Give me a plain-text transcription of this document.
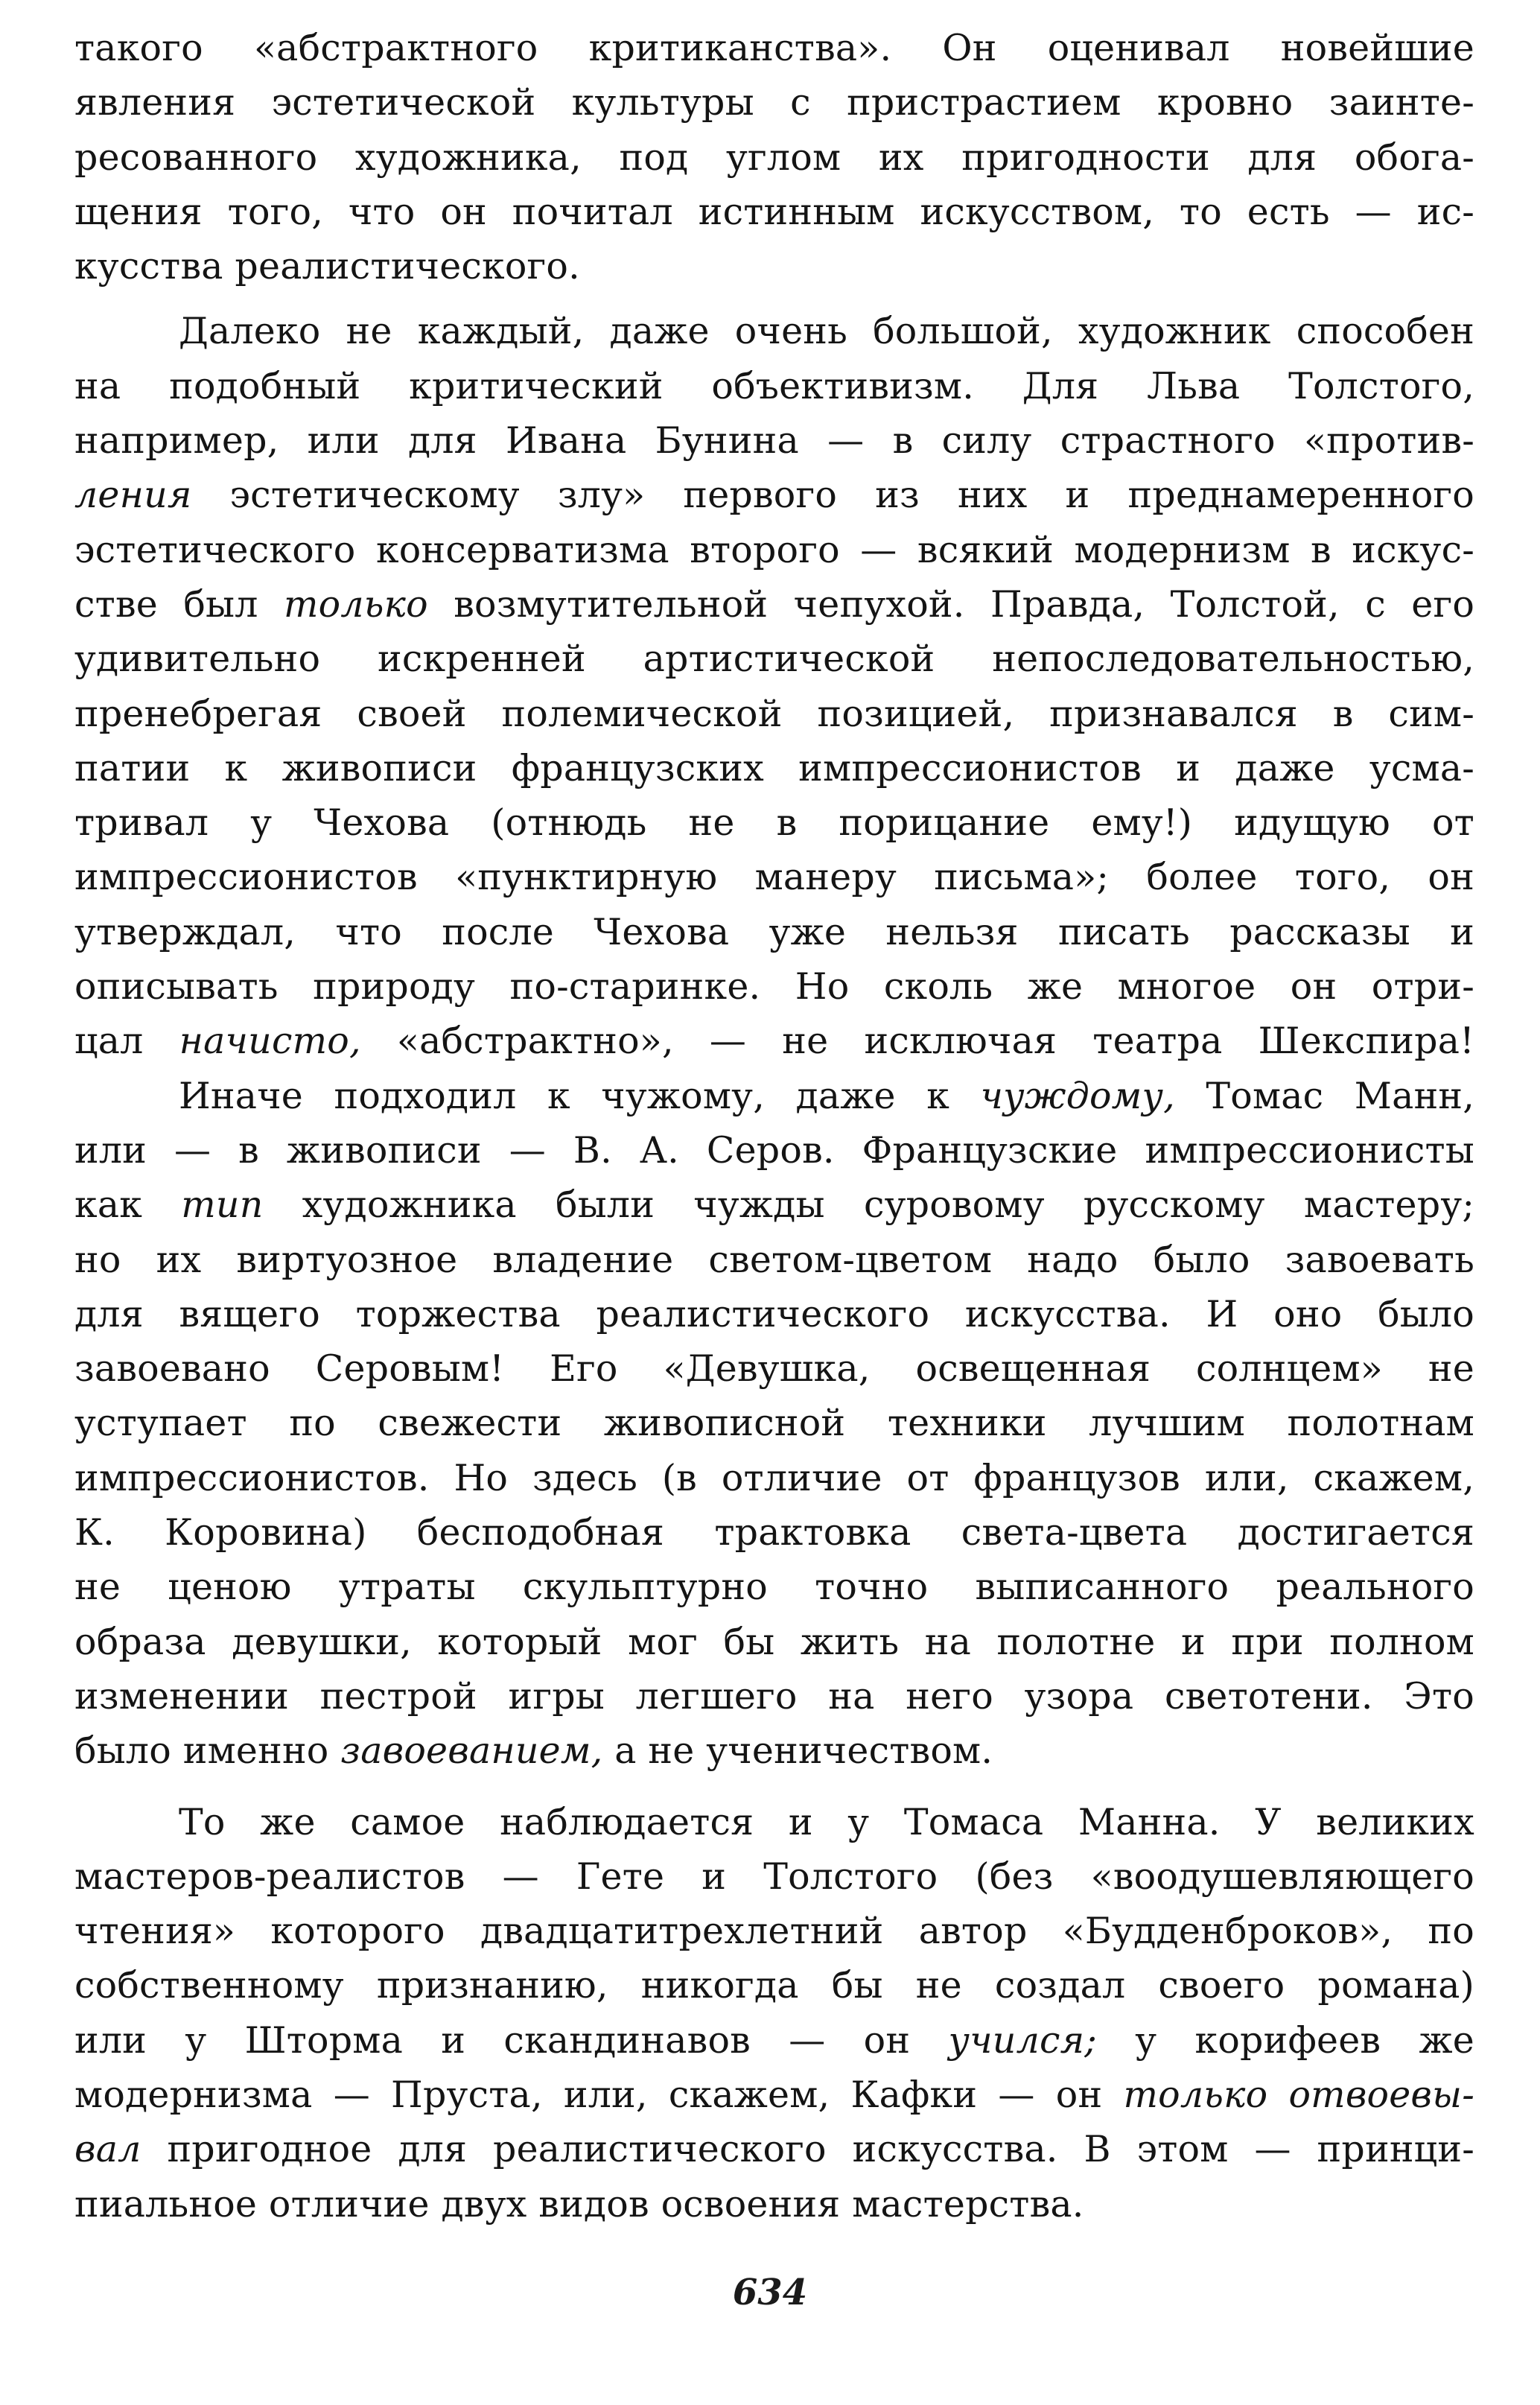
такого «абстрактного критиканства». Он оценивал новейшие
явления эстетической культуры с пристрастием кровно заинте-
ресованного художника, под углом их пригодности для обога-
щения того, что он почитал истинным искусством, то есть — ис-
кусства реалистического.

Далеко не каждый, даже очень большой, художник способен
на подобный критический объективизм. Для Льва Толстого,
например, или для Ивана Бунина — в силу страстного «против-
ления эстетическому злу» первого из них и преднамеренного
эстетического консерватизма второго — всякий модернизм в искус-
стве был только возмутительной чепухой. Правда, Толстой, с его
удивительно искренней артистической непоследовательностью,
пренебрегая своей полемической позицией, признавался в сим-
патии к живописи французских импрессионистов и даже усма-
тривал у Чехова (отнюдь не в порицание ему!) идущую от
импрессионистов «пунктирную манеру письма»; более того, он
утверждал, что после Чехова уже нельзя писать рассказы и
описывать природу по-старинке. Но сколь же многое он отри-
цал начисто, «абстрактно», — не исключая театра Шекспира!

Иначе подходил к чужому, даже к чуждому, Томас Манн,
или — в живописи — В. А. Серов. Французские импрессионисты
как тип художника были чужды суровому русскому мастеру;
но их виртуозное владение светом-цветом надо было завоевать
для вящего торжества реалистического искусства. И оно было
завоевано Серовым! Его «Девушка, освещенная солнцем» не
уступает по свежести живописной техники лучшим полотнам
импрессионистов. Но здесь (в отличие от французов или, скажем,
К. Коровина) бесподобная трактовка света-цвета достигается
не ценою утраты скульптурно точно выписанного реального
образа девушки, который мог бы жить на полотне и при полном
изменении пестрой игры легшего на него узора светотени. Это
было именно завоеванием, а не ученичеством.

То же самое наблюдается и у Томаса Манна. У великих
мастеров-реалистов — Гете и Толстого (без «воодушевляющего
чтения» которого двадцатитрехлетний автор «Будденброков», по
собственному признанию, никогда бы не создал своего романа)
или у Шторма и скандинавов — он учился; у корифеев же
модернизма — Пруста, или, скажем, Кафки — он только отвоевы-
вал пригодное для реалистического искусства. В этом — принци-
пиальное отличие двух видов освоения мастерства.

634
